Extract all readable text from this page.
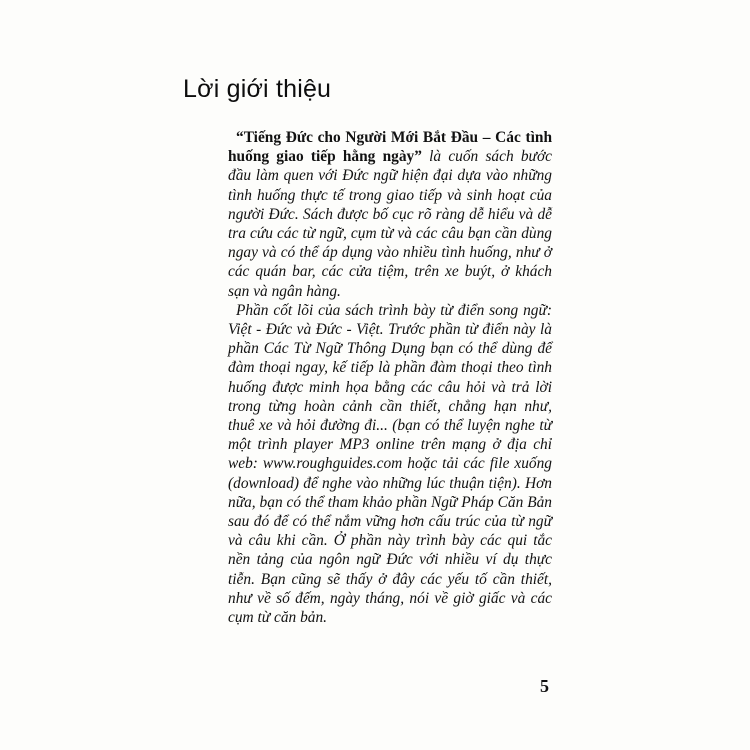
Lời giới thiệu

“Tiếng Đức cho Người Mới Bắt Đầu – Các tình huống giao tiếp hằng ngày” là cuốn sách bước đầu làm quen với Đức ngữ hiện đại dựa vào những tình huống thực tế trong giao tiếp và sinh hoạt của người Đức. Sách được bố cục rõ ràng dễ hiểu và dễ tra cứu các từ ngữ, cụm từ và các câu bạn cần dùng ngay và có thể áp dụng vào nhiều tình huống, như ở các quán bar, các cửa tiệm, trên xe buýt, ở khách sạn và ngân hàng.

Phần cốt lõi của sách trình bày từ điển song ngữ: Việt - Đức và Đức - Việt. Trước phần từ điển này là phần Các Từ Ngữ Thông Dụng bạn có thể dùng để đàm thoại ngay, kế tiếp là phần đàm thoại theo tình huống được minh họa bằng các câu hỏi và trả lời trong từng hoàn cảnh cần thiết, chẳng hạn như, thuê xe và hỏi đường đi... (bạn có thể luyện nghe từ một trình player MP3 online trên mạng ở địa chỉ web: www.roughguides.com hoặc tải các file xuống (download) để nghe vào những lúc thuận tiện). Hơn nữa, bạn có thể tham khảo phần Ngữ Pháp Căn Bản sau đó để có thể nắm vững hơn cấu trúc của từ ngữ và câu khi cần. Ở phần này trình bày các qui tắc nền tảng của ngôn ngữ Đức với nhiều ví dụ thực tiễn. Bạn cũng sẽ thấy ở đây các yếu tố cần thiết, như về số đếm, ngày tháng, nói về giờ giấc và các cụm từ căn bản.

5
